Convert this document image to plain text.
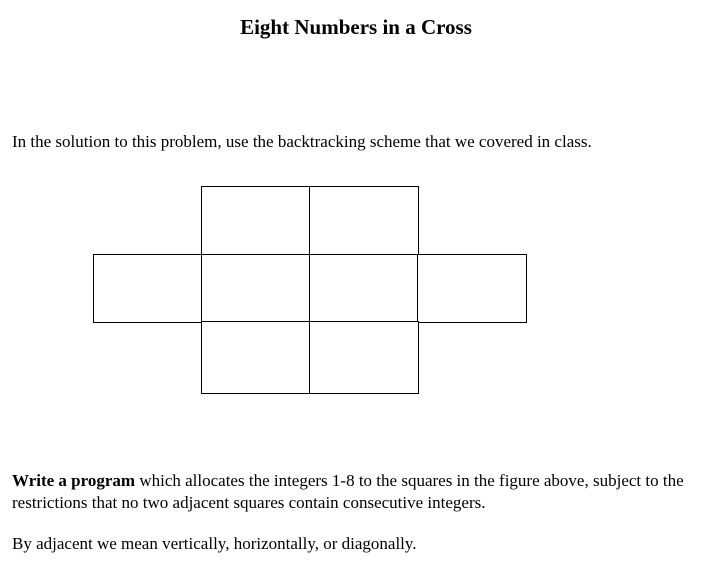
Eight Numbers in a Cross

In the solution to this problem, use the backtracking scheme that we covered in class.

Write a program which allocates the integers 1-8 to the squares in the figure above, subject to the restrictions that no two adjacent squares contain consecutive integers.

By adjacent we mean vertically, horizontally, or diagonally.
